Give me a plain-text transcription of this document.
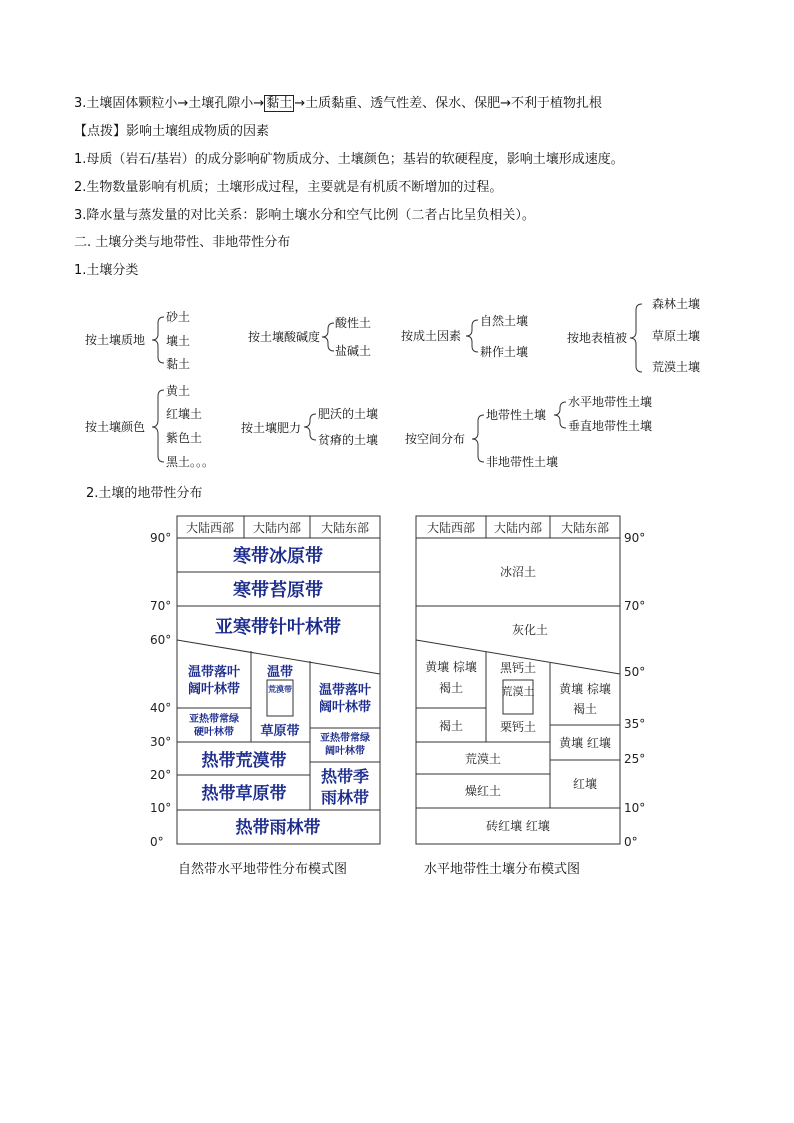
3.土壤固体颗粒小→土壤孔隙小→ 黏土 →土质黏重、透气性差、保水、保肥→不利于植物扎根
【点拨】影响土壤组成物质的因素
1.母质（岩石/基岩）的成分影响矿物质成分、土壤颜色；基岩的软硬程度，影响土壤形成速度。
2.生物数量影响有机质；土壤形成过程，主要就是有机质不断增加的过程。
3.降水量与蒸发量的对比关系：影响土壤水分和空气比例（二者占比呈负相关）。
二. 土壤分类与地带性、非地带性分布
1.土壤分类
按土壤质地
砂土
壤土
黏土
按土壤酸碱度
酸性土
盐碱土
按成土因素
自然土壤
耕作土壤
按地表植被
森林土壤
草原土壤
荒漠土壤
按土壤颜色
黄土
红壤土
紫色土
黑土。。。
按土壤肥力
肥沃的土壤
贫瘠的土壤 按空间分布
地带性土壤
非地带性土壤
水平地带性土壤
垂直地带性土壤
2.土壤的地带性分布
大陆西部 大陆内部 大陆东部
90°
70°
60°
40°
30°
20°
10°
0°
寒带冰原带
寒带苔原带
亚寒带针叶林带
温带落叶
阔叶林带
温带
荒漠带
草原带
温带落叶
阔叶林带
亚热带常绿
硬叶林带
亚热带常绿
阔叶林带
热带荒漠带
热带草原带
热带季
雨林带
热带雨林带
自然带水平地带性分布模式图
大陆西部 大陆内部 大陆东部
90°
70°
50°
35°
25°
10°
0°
冰沼土
灰化土
黄壤 棕壤
褐土
褐土
黑钙土
荒漠土
栗钙土
黄壤 棕壤
褐土
黄壤 红壤
荒漠土
燥红土	红壤
砖红壤 红壤
水平地带性土壤分布模式图
